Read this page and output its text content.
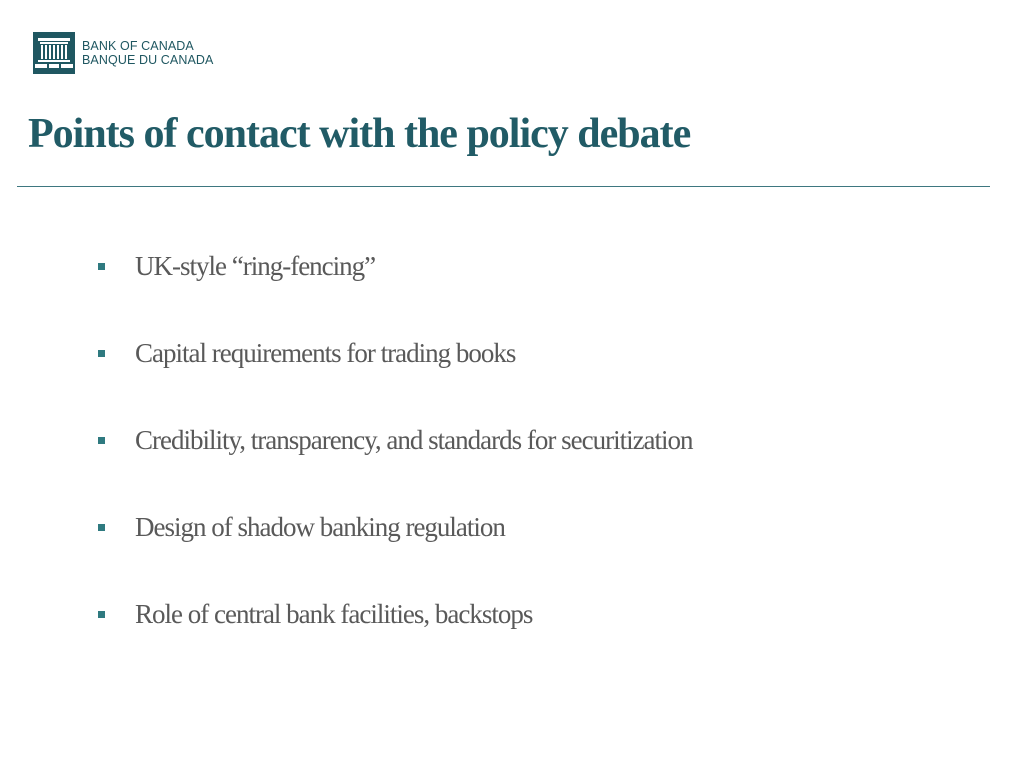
BANK OF CANADA
BANQUE DU CANADA
Points of contact with the policy debate
UK-style “ring-fencing”
Capital requirements for trading books
Credibility, transparency, and standards for securitization
Design of shadow banking regulation
Role of central bank facilities, backstops
